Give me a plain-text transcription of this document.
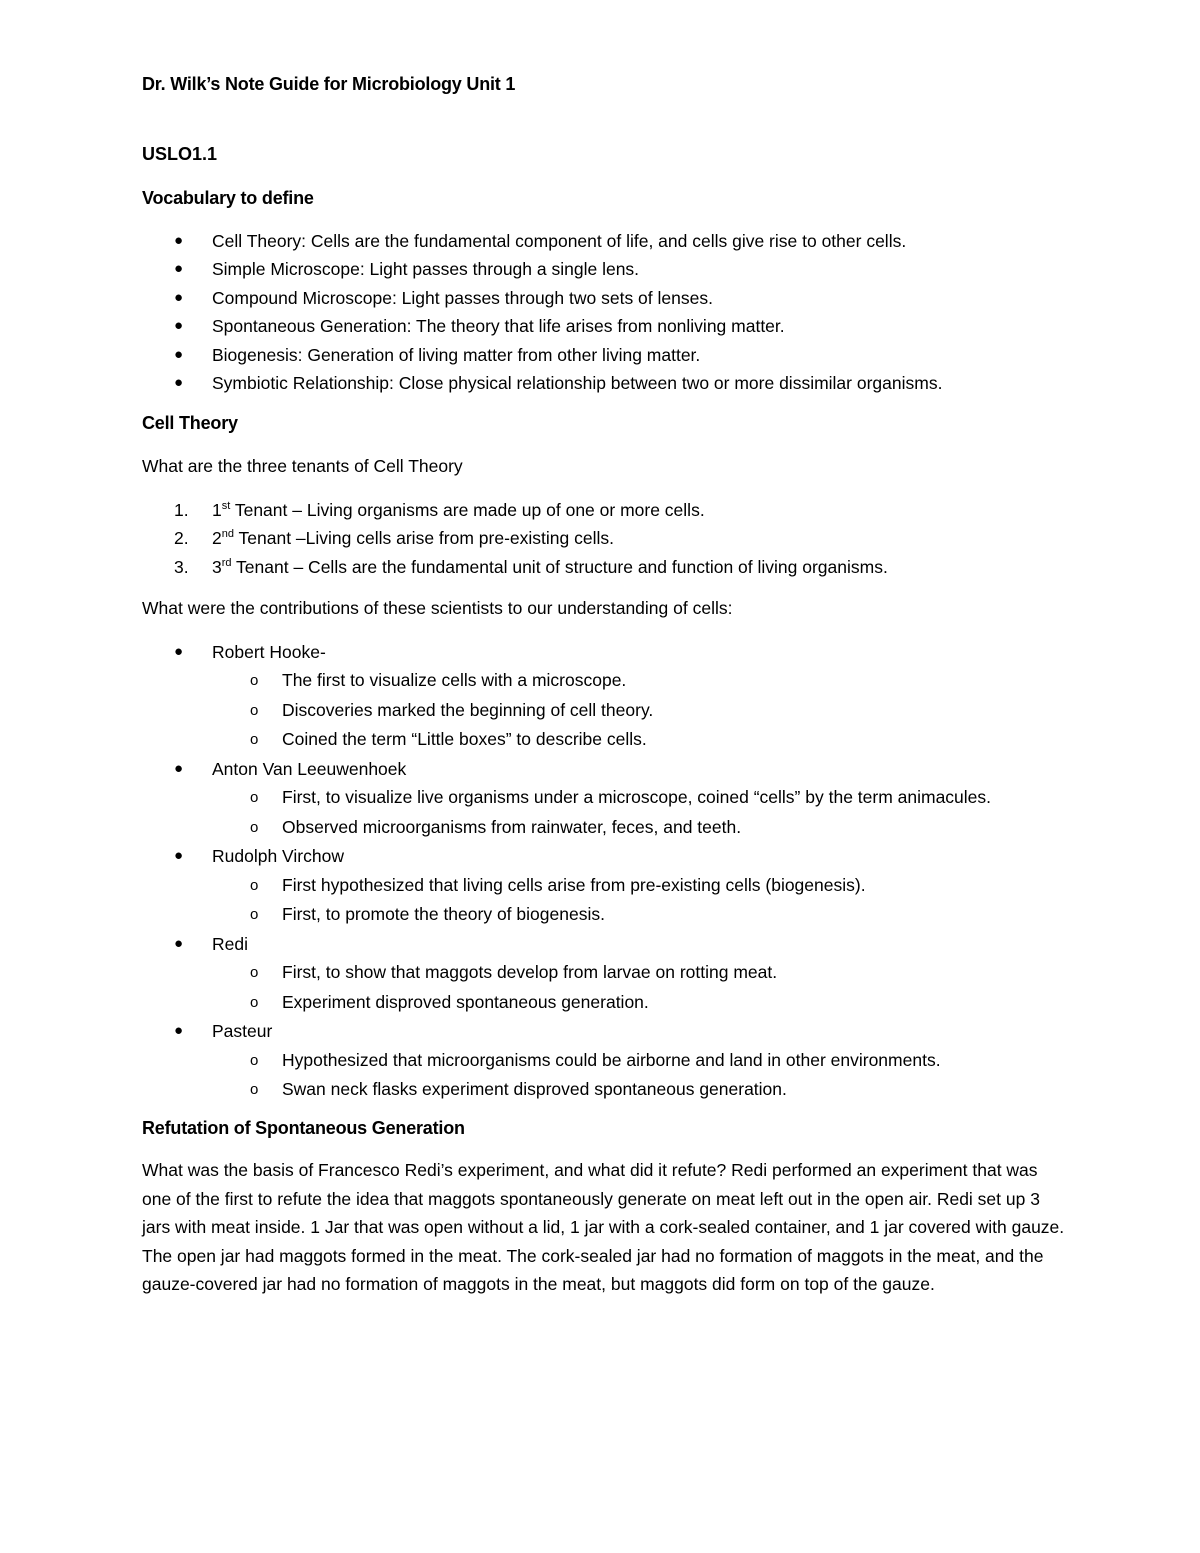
Dr. Wilk’s Note Guide for Microbiology Unit 1
USLO1.1
Vocabulary to define
● Cell Theory: Cells are the fundamental component of life, and cells give rise to other cells.
● Simple Microscope: Light passes through a single lens.
● Compound Microscope: Light passes through two sets of lenses.
● Spontaneous Generation: The theory that life arises from nonliving matter.
● Biogenesis: Generation of living matter from other living matter.
● Symbiotic Relationship: Close physical relationship between two or more dissimilar organisms.
Cell Theory

What are the three tenants of Cell Theory

1. 1st Tenant – Living organisms are made up of one or more cells.
2. 2nd Tenant –Living cells arise from pre-existing cells.
3. 3rd Tenant – Cells are the fundamental unit of structure and function of living organisms.

What were the contributions of these scientists to our understanding of cells:

● Robert Hooke-
o The first to visualize cells with a microscope.
o Discoveries marked the beginning of cell theory.
o Coined the term “Little boxes” to describe cells.
● Anton Van Leeuwenhoek
o First, to visualize live organisms under a microscope, coined “cells” by the term animacules.
o Observed microorganisms from rainwater, feces, and teeth.
● Rudolph Virchow
o First hypothesized that living cells arise from pre-existing cells (biogenesis).
o First, to promote the theory of biogenesis.
● Redi
o First, to show that maggots develop from larvae on rotting meat.
o Experiment disproved spontaneous generation.
● Pasteur
o Hypothesized that microorganisms could be airborne and land in other environments.
o Swan neck flasks experiment disproved spontaneous generation.
Refutation of Spontaneous Generation

What was the basis of Francesco Redi’s experiment, and what did it refute? Redi performed an experiment that was one of the first to refute the idea that maggots spontaneously generate on meat left out in the open air. Redi set up 3 jars with meat inside. 1 Jar that was open without a lid, 1 jar with a cork-sealed container, and 1 jar covered with gauze. The open jar had maggots formed in the meat. The cork-sealed jar had no formation of maggots in the meat, and the gauze-covered jar had no formation of maggots in the meat, but maggots did form on top of the gauze.
